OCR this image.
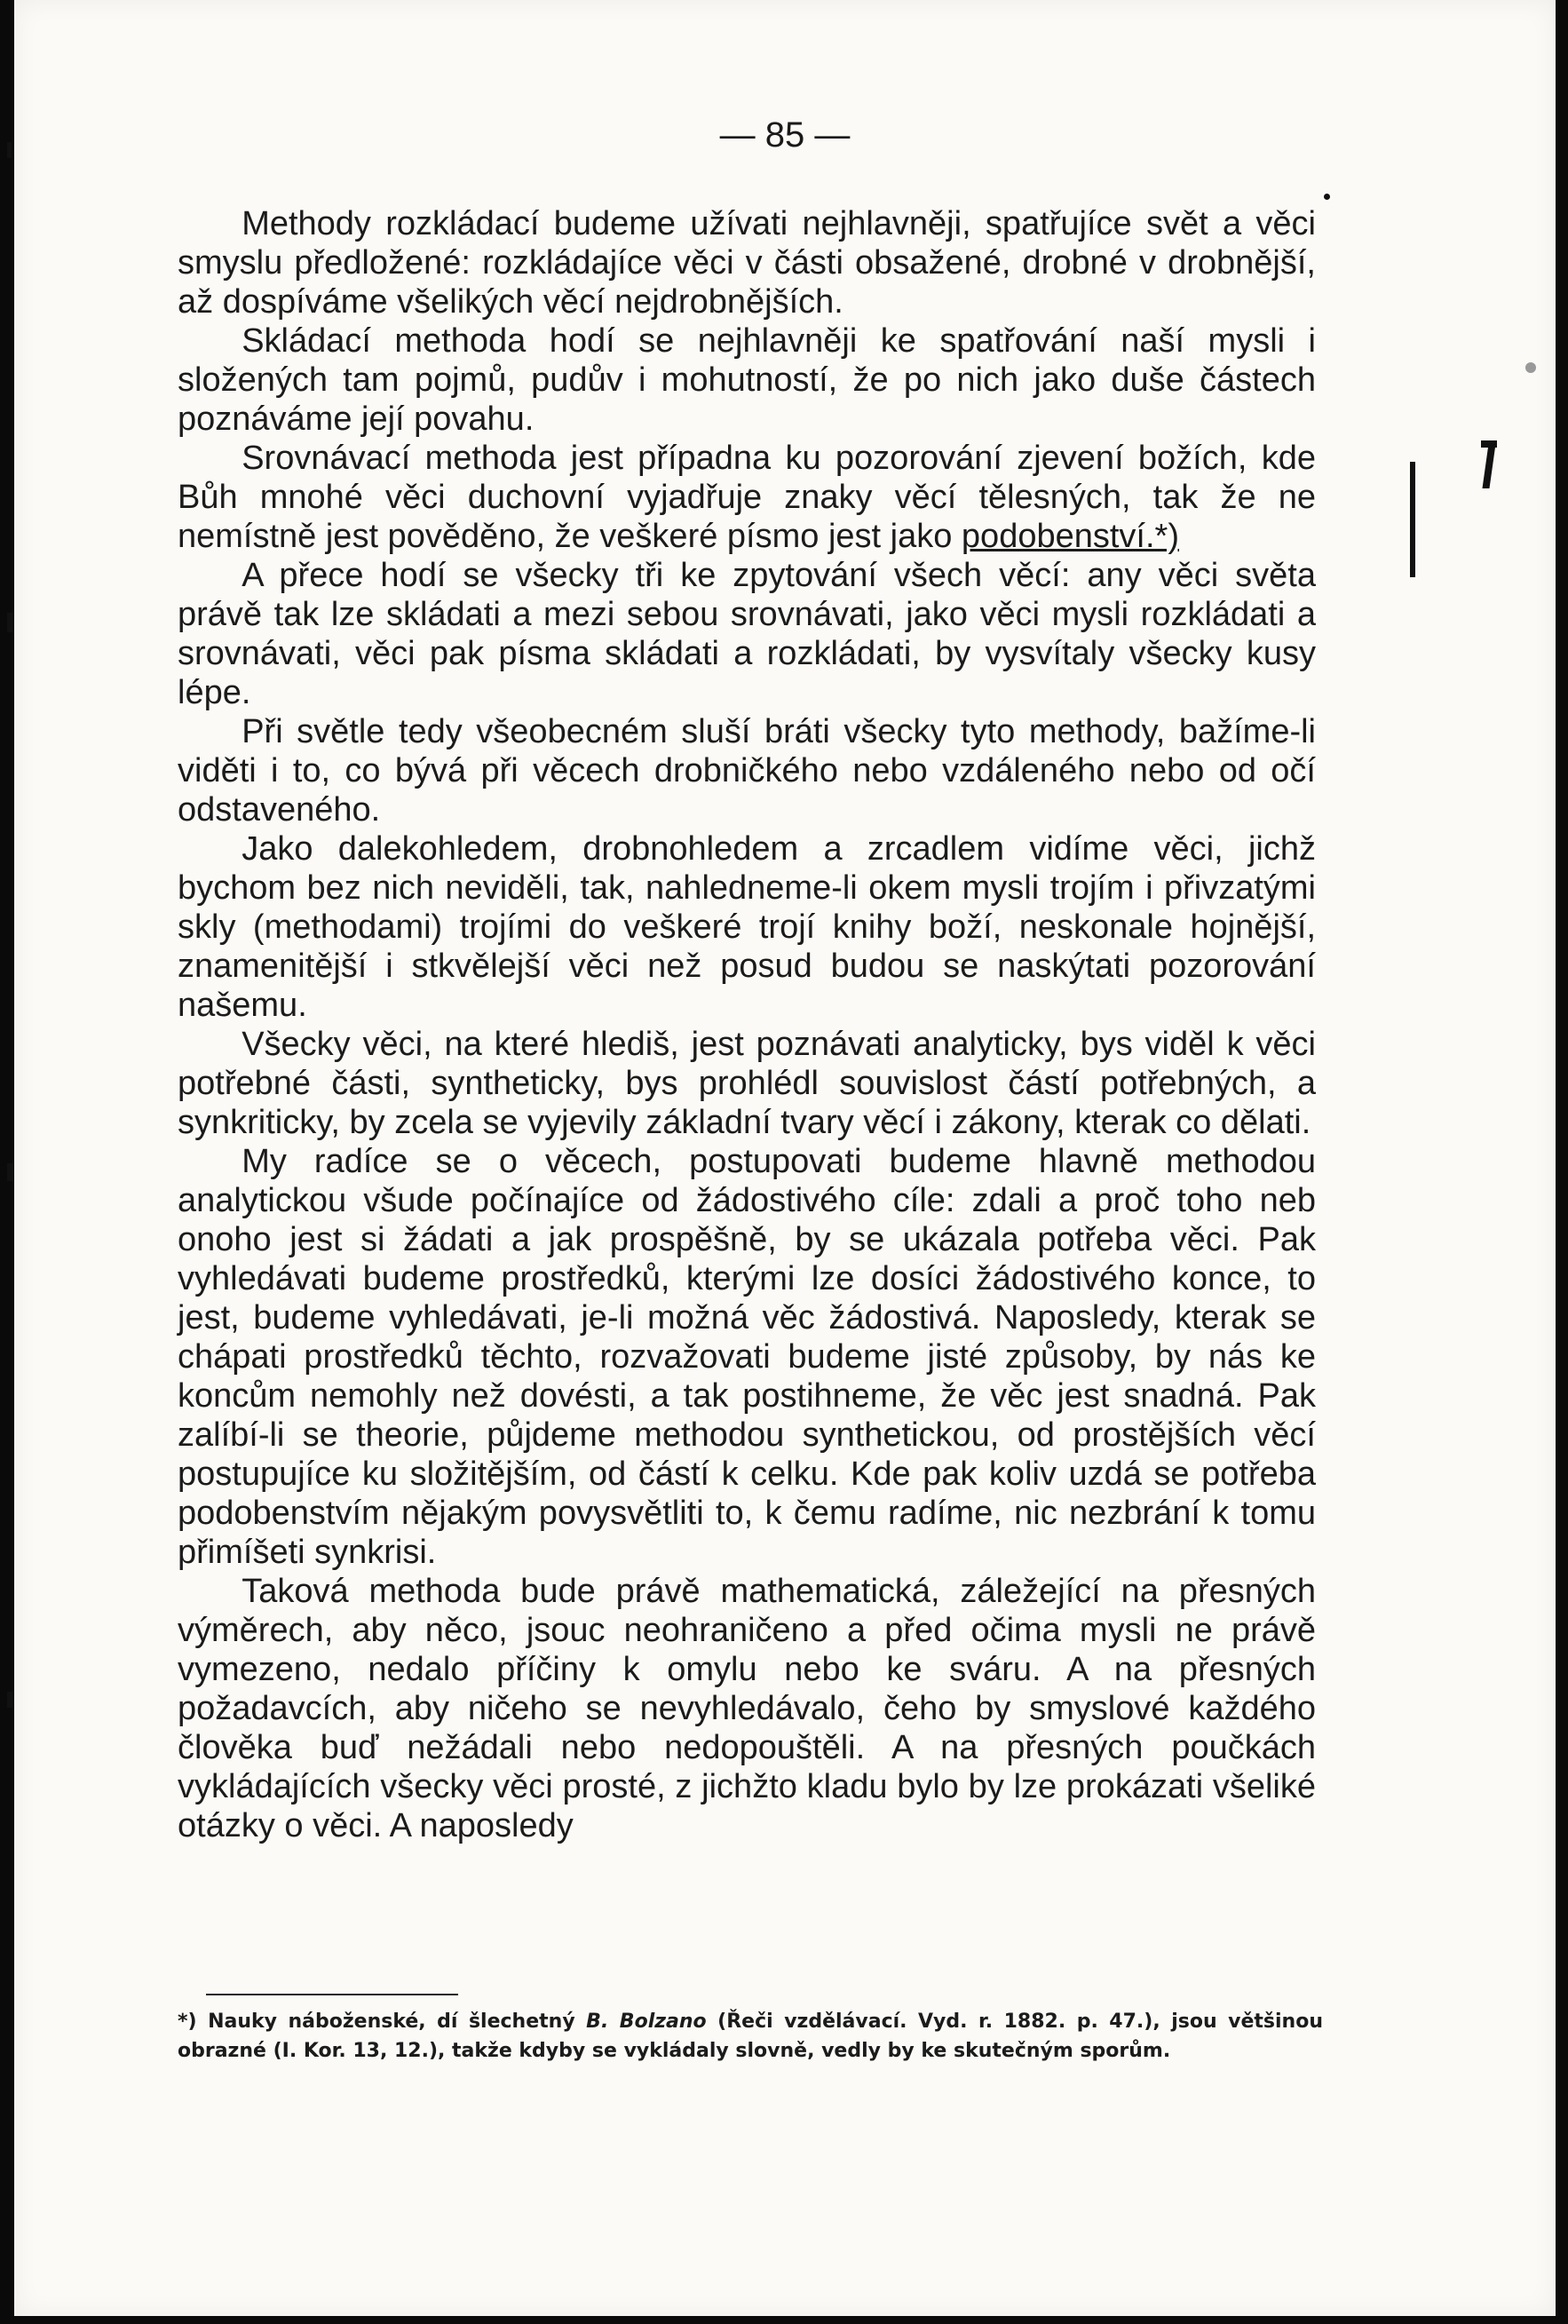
— 85 —

Methody rozkládací budeme užívati nejhlavněji, spatřujíce svět a věci smyslu předložené: rozkládajíce věci v části obsažené, drobné v drobnější, až dospíváme všelikých věcí nejdrobnějších.

Skládací methoda hodí se nejhlavněji ke spatřování naší mysli i složených tam pojmů, pudův i mohutností, že po nich jako duše částech poznáváme její povahu.

Srovnávací methoda jest případna ku pozorování zjevení božích, kde Bůh mnohé věci duchovní vyjadřuje znaky věcí tělesných, tak že ne nemístně jest pověděno, že veškeré písmo jest jako podobenství.*)

A přece hodí se všecky tři ke zpytování všech věcí: any věci světa právě tak lze skládati a mezi sebou srovnávati, jako věci mysli rozkládati a srovnávati, věci pak písma skládati a rozkládati, by vysvítaly všecky kusy lépe.

Při světle tedy všeobecném sluší bráti všecky tyto methody, bažíme-li viděti i to, co bývá při věcech drobničkého nebo vzdáleného nebo od očí odstaveného.

Jako dalekohledem, drobnohledem a zrcadlem vidíme věci, jichž bychom bez nich neviděli, tak, nahledneme-li okem mysli trojím i přivzatými skly (methodami) trojími do veškeré trojí knihy boží, neskonale hojnější, znamenitější i stkvělejší věci než posud budou se naskýtati pozorování našemu.

Všecky věci, na které hlediš, jest poznávati analyticky, bys viděl k věci potřebné části, syntheticky, bys prohlédl souvislost částí potřebných, a synkriticky, by zcela se vyjevily základní tvary věcí i zákony, kterak co dělati.

My radíce se o věcech, postupovati budeme hlavně methodou analytickou všude počínajíce od žádostivého cíle: zdali a proč toho neb onoho jest si žádati a jak prospěšně, by se ukázala potřeba věci. Pak vyhledávati budeme prostředků, kterými lze dosíci žádostivého konce, to jest, budeme vyhledávati, je-li možná věc žádostivá. Naposledy, kterak se chápati prostředků těchto, rozvažovati budeme jisté způsoby, by nás ke koncům nemohly než dovésti, a tak postihneme, že věc jest snadná. Pak zalíbí-li se theorie, půjdeme methodou synthetickou, od prostějších věcí postupujíce ku složitějším, od částí k celku. Kde pak koliv uzdá se potřeba podobenstvím nějakým povysvětliti to, k čemu radíme, nic nezbrání k tomu přimíšeti synkrisi.

Taková methoda bude právě mathematická, záležející na přesných výměrech, aby něco, jsouc neohraničeno a před očima mysli ne právě vymezeno, nedalo příčiny k omylu nebo ke sváru. A na přesných požadavcích, aby ničeho se nevyhledávalo, čeho by smyslové každého člověka buď nežádali nebo nedopouštěli. A na přesných poučkách vykládajících všecky věci prosté, z jichžto kladu bylo by lze prokázati všeliké otázky o věci. A naposledy

*) Nauky náboženské, dí šlechetný B. Bolzano (Řeči vzdělávací. Vyd. r. 1882. p. 47.), jsou většinou obrazné (I. Kor. 13, 12.), takže kdyby se vykládaly slovně, vedly by ke skutečným sporům.
